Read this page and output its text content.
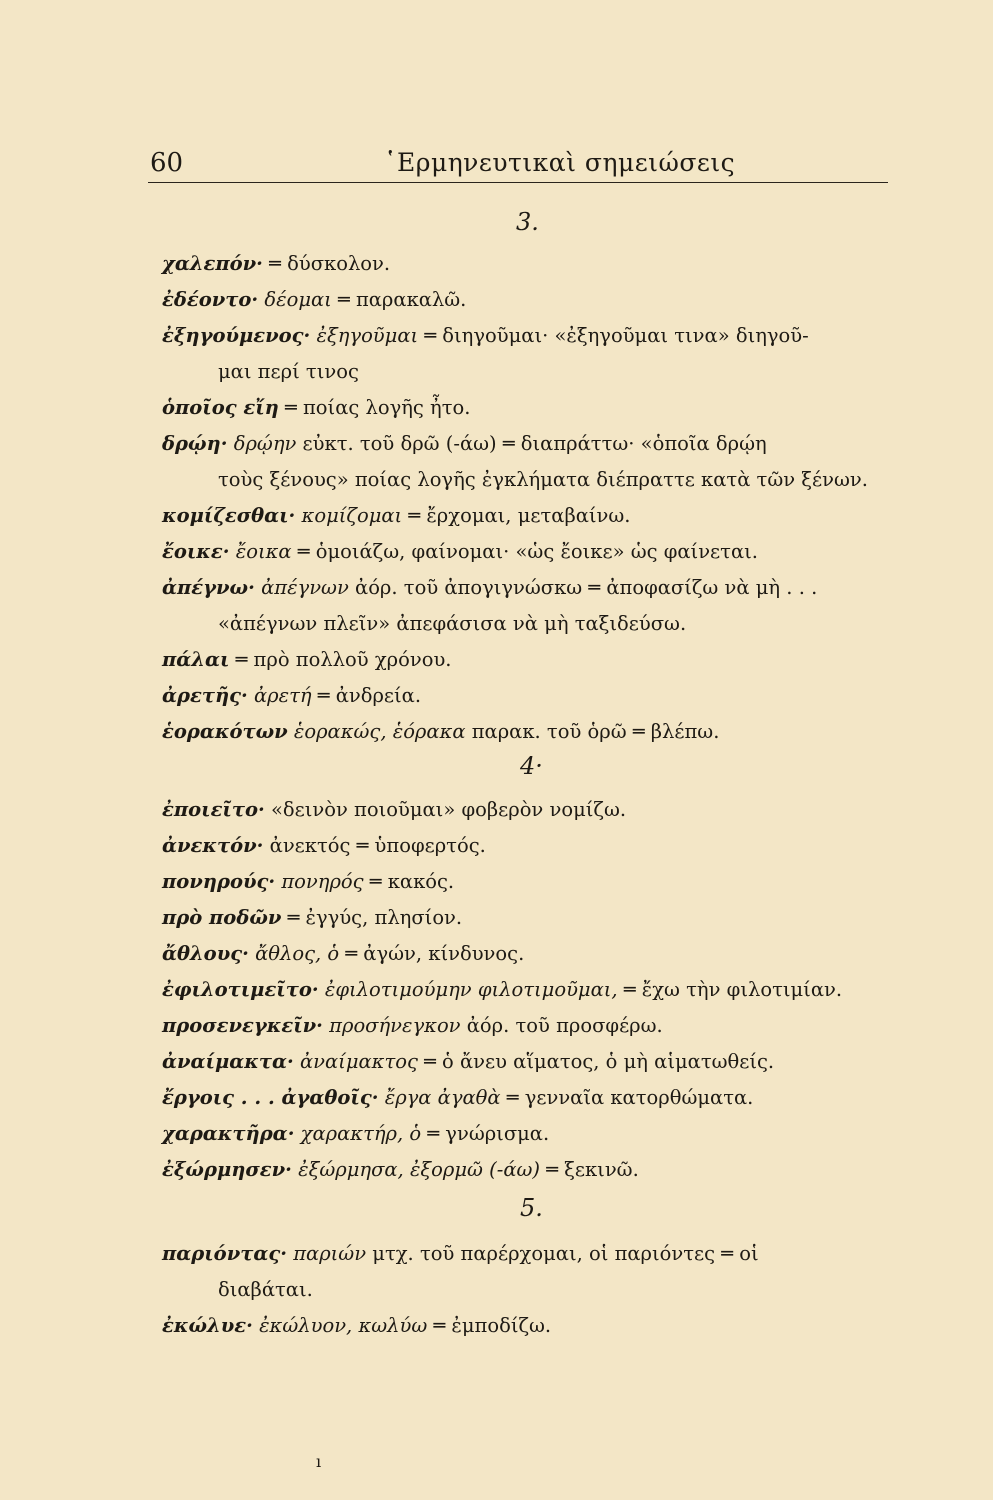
60	῾Ερμηνευτικαὶ σημειώσεις
3.
χαλεπόν· ═ δύσκολον.
ἐδέοντο· δέομαι ═ παρακαλῶ.
ἐξηγούμενος· ἐξηγοῦμαι ═ διηγοῦμαι· «ἐξηγοῦμαι τινα» διηγοῦ-
μαι περί τινος
ὁποῖος εἴη ═ ποίας λογῆς ἦτο.
δρῴη· δρῴην εὐκτ. τοῦ δρῶ (-άω) ═ διαπράττω· «ὁποῖα δρῴη
τοὺς ξένους» ποίας λογῆς ἐγκλήματα διέπραττε κατὰ τῶν ξένων.
κομίζεσθαι· κομίζομαι ═ ἔρχομαι, μεταβαίνω.
ἔοικε· ἔοικα ═ ὁμοιάζω, φαίνομαι· «ὡς ἔοικε» ὡς φαίνεται.
ἀπέγνω· ἀπέγνων ἀόρ. τοῦ ἀπογιγνώσκω ═ ἀποφασίζω νὰ μὴ . . .
«ἀπέγνων πλεῖν» ἀπεφάσισα νὰ μὴ ταξιδεύσω.
πάλαι ═ πρὸ πολλοῦ χρόνου.
ἀρετῆς· ἀρετή ═ ἀνδρεία.
ἑορακότων ἑορακώς, ἑόρακα παρακ. τοῦ ὁρῶ ═ βλέπω.
4·
ἐποιεῖτο· «δεινὸν ποιοῦμαι» φοβερὸν νομίζω.
ἀνεκτόν· ἀνεκτός ═ ὑποφερτός.
πονηρούς· πονηρός ═ κακός.
πρὸ ποδῶν ═ ἐγγύς, πλησίον.
ἄθλους· ἄθλος, ὁ ═ ἀγών, κίνδυνος.
ἐφιλοτιμεῖτο· ἐφιλοτιμούμην φιλοτιμοῦμαι, ═ ἔχω τὴν φιλοτιμίαν.
προσενεγκεῖν· προσήνεγκον ἀόρ. τοῦ προσφέρω.
ἀναίμακτα· ἀναίμακτος ═ ὁ ἄνευ αἵματος, ὁ μὴ αἱματωθείς.
ἔργοις . . . ἀγαθοῖς· ἔργα ἀγαθὰ ═ γενναῖα κατορθώματα.
χαρακτῆρα· χαρακτήρ, ὁ ═ γνώρισμα.
ἐξώρμησεν· ἐξώρμησα, ἐξορμῶ (-άω) ═ ξεκινῶ.
5.
παριόντας· παριών μτχ. τοῦ παρέρχομαι, οἱ παριόντες ═ οἱ
διαβάται.
ἐκώλυε· ἐκώλυον, κωλύω ═ ἐμποδίζω.
ı
